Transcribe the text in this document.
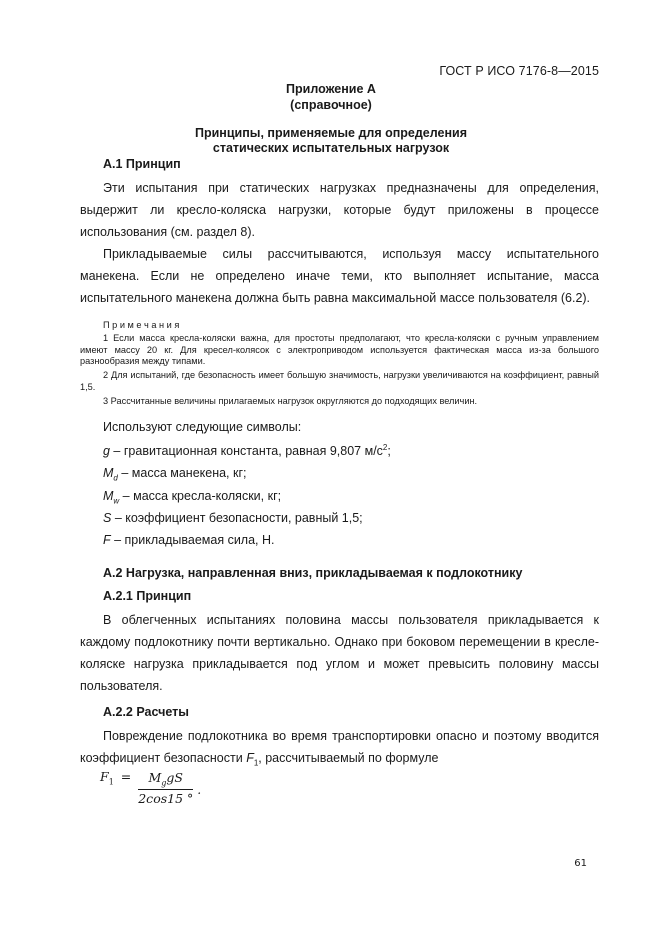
ГОСТ Р ИСО 7176-8—2015
Приложение А
(справочное)
Принципы, применяемые для определения
статических испытательных нагрузок
А.1 Принцип
Эти испытания при статических нагрузках предназначены для определения, выдержит ли кресло-коляска нагрузки, которые будут приложены в процессе использования (см. раздел 8).
Прикладываемые силы рассчитываются, используя массу испытательного манекена. Если не определено иначе теми, кто выполняет испытание, масса испытательного манекена должна быть равна максимальной массе пользователя (6.2).
П р и м е ч а н и я
1 Если масса кресла-коляски важна, для простоты предполагают, что кресла-коляски с ручным управлением имеют массу 20 кг. Для кресел-колясок с электроприводом используется фактическая масса из-за большого разнообразия между типами.
2 Для испытаний, где безопасность имеет большую значимость, нагрузки увеличиваются на коэффициент, равный 1,5.
3 Рассчитанные величины прилагаемых нагрузок округляются до подходящих величин.
Используют следующие символы:
g – гравитационная константа, равная 9,807 $м/с^2$;
$M_d$ – масса манекена, кг;
$M_w$ – масса кресла-коляски, кг;
S – коэффициент безопасности, равный 1,5;
F – прикладываемая сила, Н.
А.2 Нагрузка, направленная вниз, прикладываемая к подлокотнику
А.2.1 Принцип
В облегченных испытаниях половина массы пользователя прикладывается к каждому подлокотнику почти вертикально. Однако при боковом перемещении в кресле-коляске нагрузка прикладывается под углом и может превысить половину массы пользователя.
А.2.2 Расчеты
Повреждение подлокотника во время транспортировки опасно и поэтому вводится коэффициент безопасности $F_1$, рассчитываемый по формуле
$F_1$ =	$M_ggS$
2cos15 °
.
61
